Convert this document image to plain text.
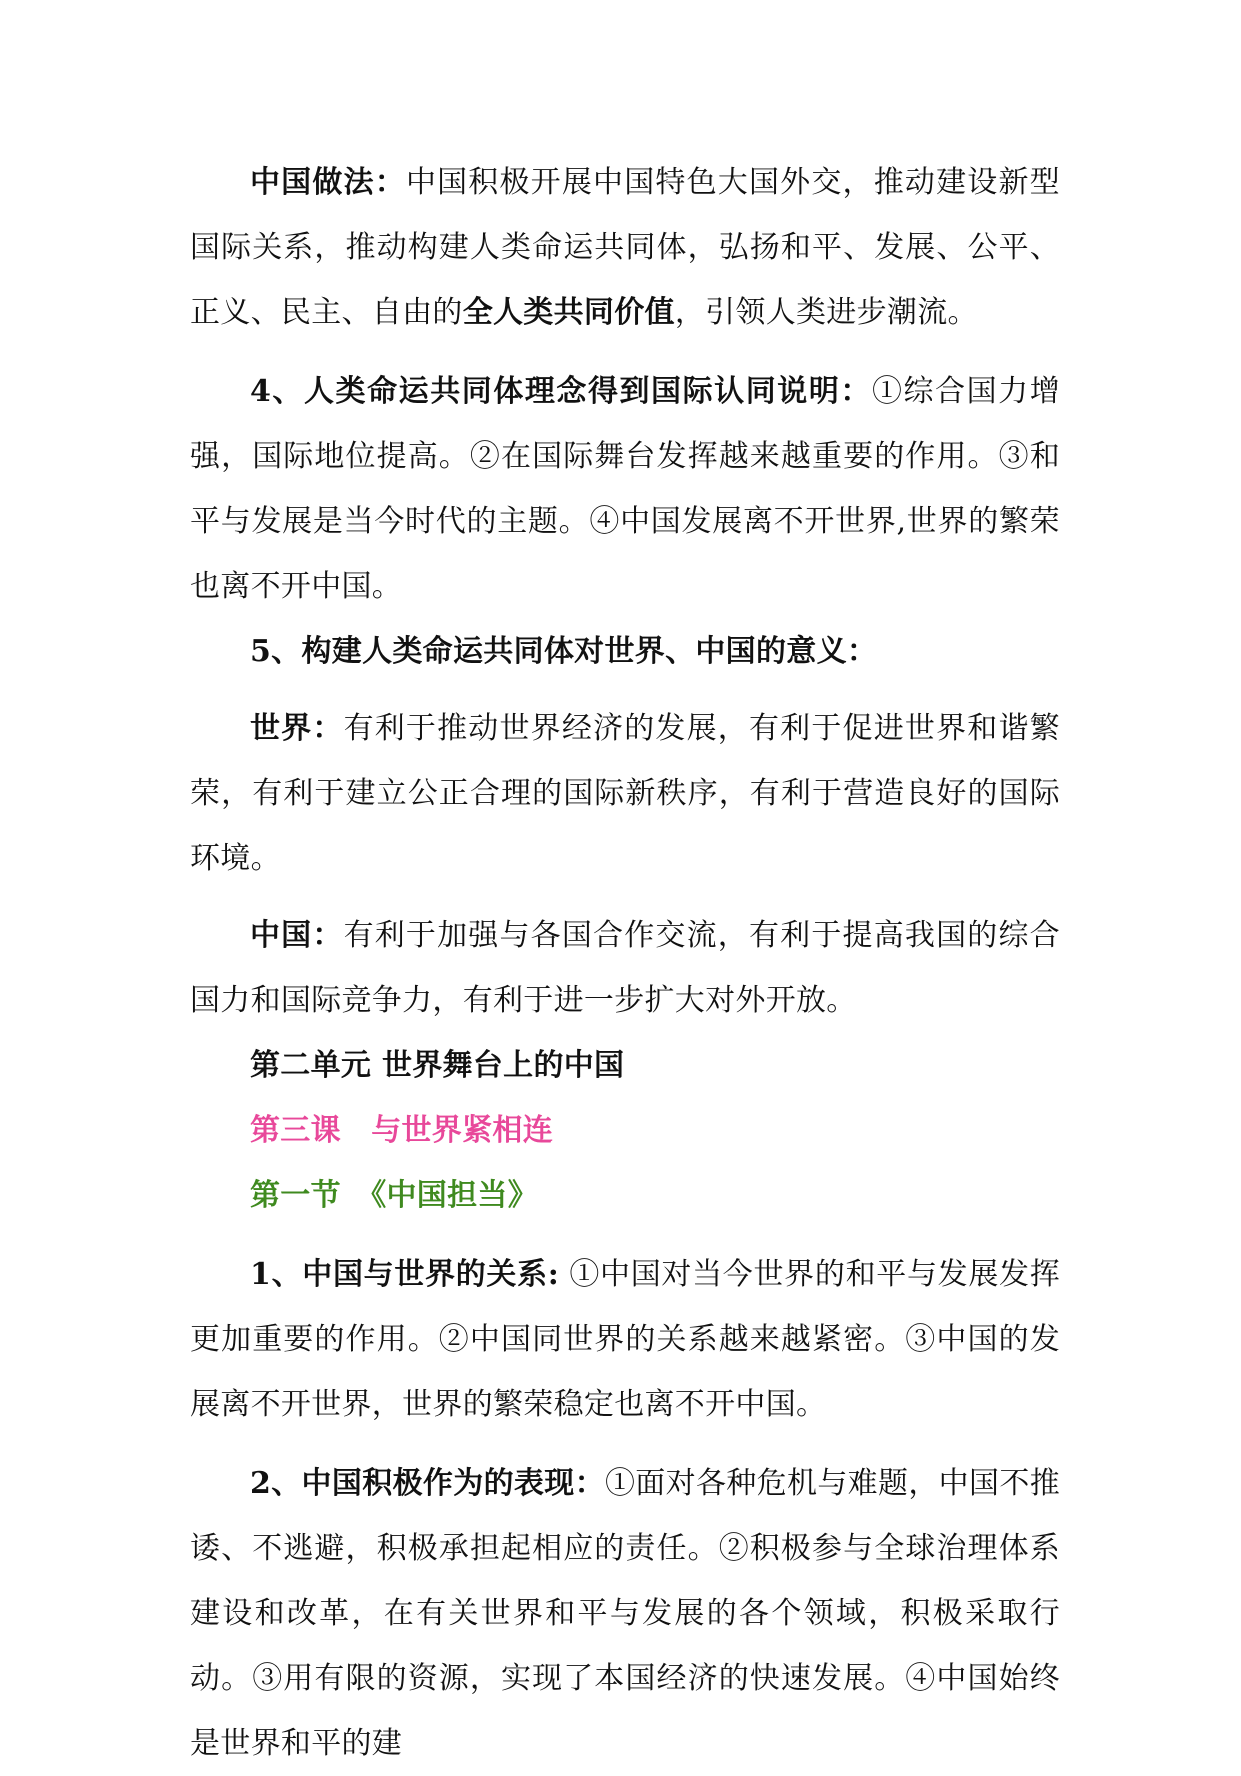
中国做法：中国积极开展中国特色大国外交，推动建设新型国际关系，推动构建人类命运共同体，弘扬和平、发展、公平、正义、民主、自由的全人类共同价值，引领人类进步潮流。

4、人类命运共同体理念得到国际认同说明：①综合国力增强，国际地位提高。②在国际舞台发挥越来越重要的作用。③和平与发展是当今时代的主题。④中国发展离不开世界,世界的繁荣也离不开中国。

5、构建人类命运共同体对世界、中国的意义：

世界：有利于推动世界经济的发展，有利于促进世界和谐繁荣，有利于建立公正合理的国际新秩序，有利于营造良好的国际环境。

中国：有利于加强与各国合作交流，有利于提高我国的综合国力和国际竞争力，有利于进一步扩大对外开放。

第二单元 世界舞台上的中国

第三课　与世界紧相连

第一节　《中国担当》

1、中国与世界的关系: ①中国对当今世界的和平与发展发挥更加重要的作用。②中国同世界的关系越来越紧密。③中国的发展离不开世界，世界的繁荣稳定也离不开中国。

2、中国积极作为的表现：①面对各种危机与难题，中国不推诿、不逃避，积极承担起相应的责任。②积极参与全球治理体系建设和改革，在有关世界和平与发展的各个领域，积极采取行动。③用有限的资源，实现了本国经济的快速发展。④中国始终是世界和平的建
